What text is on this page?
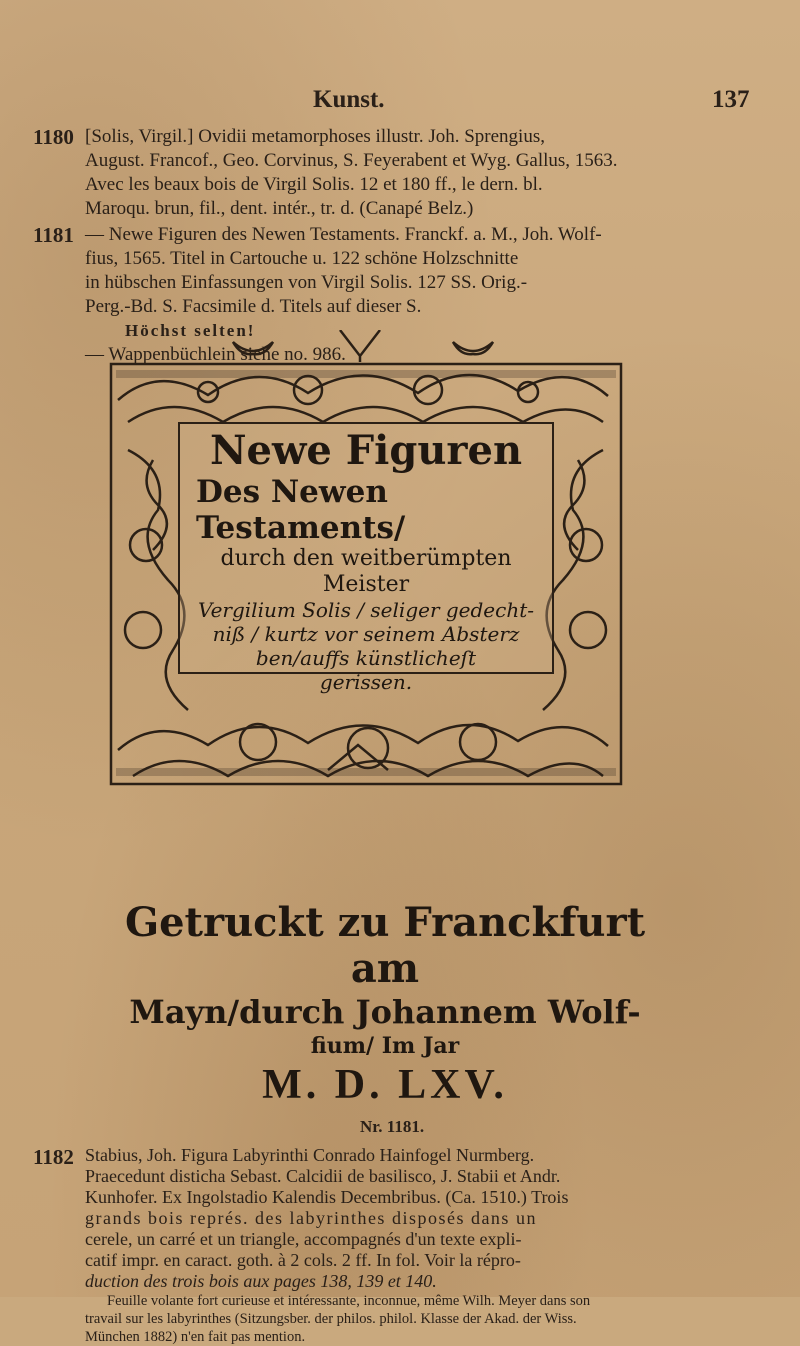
Kunst.	137
1180 [Solis, Virgil.] Ovidii metamorphoses illustr. Joh. Sprengius,
August. Francof., Geo. Corvinus, S. Feyerabent et Wyg. Gallus, 1563.
Avec les beaux bois de Virgil Solis. 12 et 180 ff., le dern. bl.
Maroqu. brun, fil., dent. intér., tr. d. (Canapé Belz.)
1181 — Newe Figuren des Newen Testaments. Franckf. a. M., Joh. Wolf-
fius, 1565. Titel in Cartouche u. 122 schöne Holzschnitte
in hübschen Einfassungen von Virgil Solis. 127 SS. Orig.-
Perg.-Bd. S. Facsimile d. Titels auf dieser S.
Höchst selten!
— Wappenbüchlein siehe no. 986.
Newe Figuren
Des Newen Testaments/
durch den weitberümpten Meister
Vergilium Solis / seliger gedecht-
niß / kurtz vor seinem Absterz
ben/auffs künstlicheſt
gerissen.
Getruckt zu Franckfurt am
Mayn/durch Johannem Wolf-
fium/ Im Jar
M. D. LXV.
Nr. 1181.
1182 Stabius, Joh. Figura Labyrinthi Conrado Hainfogel Nurmberg.
Praecedunt disticha Sebast. Calcidii de basilisco, J. Stabii et Andr.
Kunhofer. Ex Ingolstadio Kalendis Decembribus. (Ca. 1510.) Trois
grands bois représ. des labyrinthes disposés dans un
cerele, un carré et un triangle, accompagnés d'un texte expli-
catif impr. en caract. goth. à 2 cols. 2 ff. In fol. Voir la répro-
duction des trois bois aux pages 138, 139 et 140.
Feuille volante fort curieuse et intéressante, inconnue, même Wilh. Meyer dans son
travail sur les labyrinthes (Sitzungsber. der philos. philol. Klasse der Akad. der Wiss.
München 1882) n'en fait pas mention.
